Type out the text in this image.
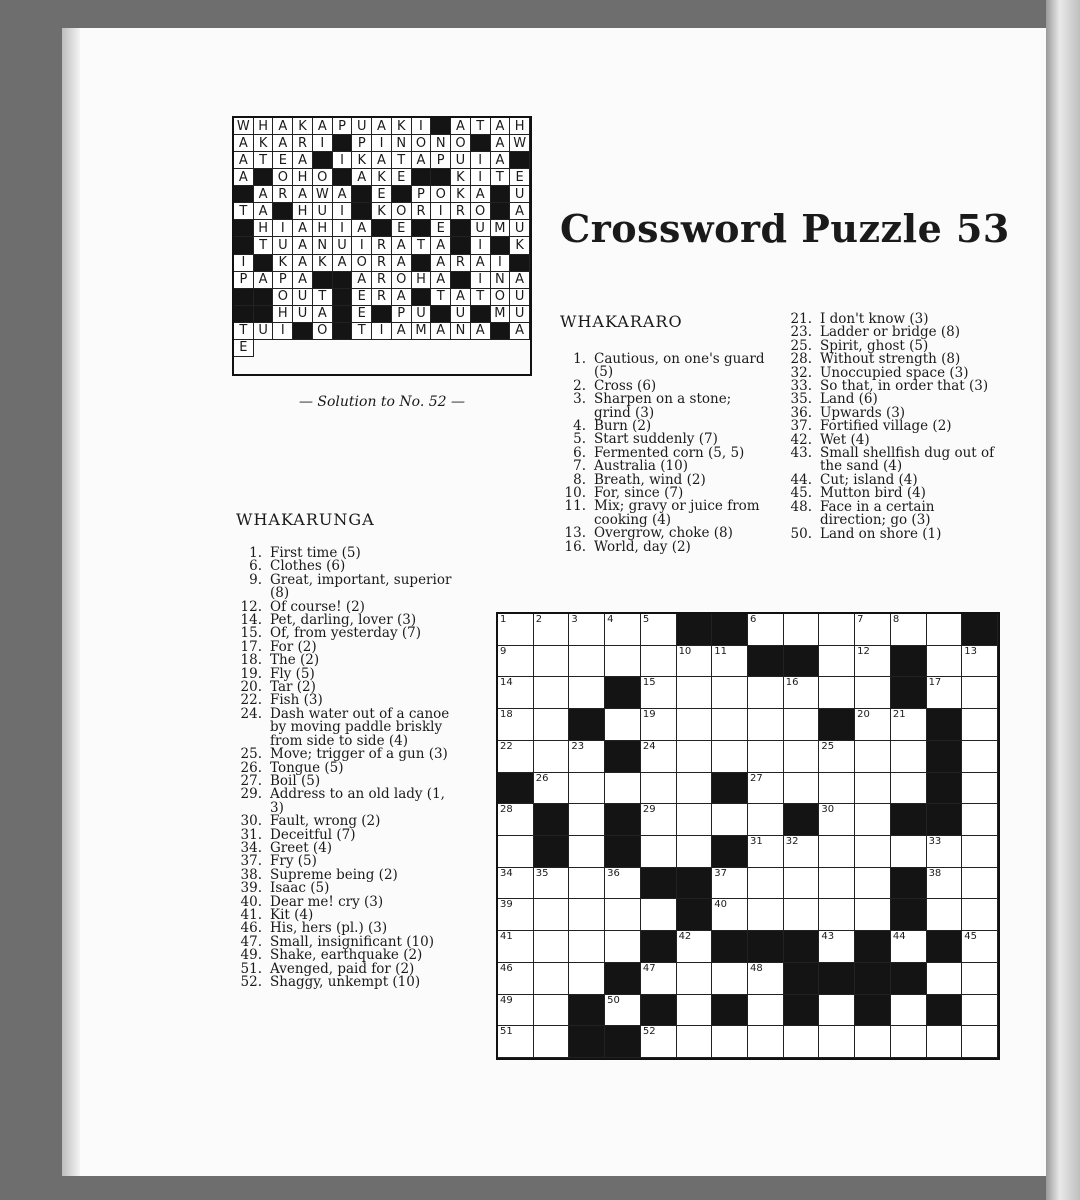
W H A K A P U A K	I	A T A H
A K A R	I	P	I N O N O	A W
A T E A	I	K A T A P U	I	A
A	O H O	A K E	K	I	T E
A R A W A	E	P O K A	U
T A	H U	I	K O R	I	R O	A
H I	A H I	A	E	E	U M U
T U A N U	I	R A T A	I	K
I	K A K A O R A	A R A	I
P A P A	A R O H A	I N A
O U T	E R A	T A T O U
H U A	E	P U	U	M U
T U	I	O	T	I	A M A N A	A
E
— Solution to No. 52 —
Crossword Puzzle 53
WHAKARARO
1. Cautious, on one's guard (5)
2. Cross (6)
3. Sharpen on a stone; grind (3)
4. Burn (2)
5. Start suddenly (7)
6. Fermented corn (5, 5)
7. Australia (10)
8. Breath, wind (2)
10. For, since (7)
11. Mix; gravy or juice from cooking (4)
13. Overgrow, choke (8)
16. World, day (2)
21. I don't know (3)
23. Ladder or bridge (8)
25. Spirit, ghost (5)
28. Without strength (8)
32. Unoccupied space (3)
33. So that, in order that (3)
35. Land (6)
36. Upwards (3)
37. Fortified village (2)
42. Wet (4)
43. Small shellfish dug out of the sand (4)
44. Cut; island (4)
45. Mutton bird (4)
48. Face in a certain direction; go (3)
50. Land on shore (1)
WHAKARUNGA
1. First time (5)
6. Clothes (6)
9. Great, important, superior (8)
12. Of course! (2)
14. Pet, darling, lover (3)
15. Of, from yesterday (7)
17. For (2)
18. The (2)
19. Fly (5)
20. Tar (2)
22. Fish (3)
24. Dash water out of a canoe by moving paddle briskly from side to side (4)
25. Move; trigger of a gun (3)
26. Tongue (5)
27. Boil (5)
29. Address to an old lady (1, 3)
30. Fault, wrong (2)
31. Deceitful (7)
34. Greet (4)
37. Fry (5)
38. Supreme being (2)
39. Isaac (5)
40. Dear me! cry (3)
41. Kit (4)
46. His, hers (pl.) (3)
47. Small, insignificant (10)
49. Shake, earthquake (2)
51. Avenged, paid for (2)
52. Shaggy, unkempt (10)
1	2	3	4	5	6	7	8
9	10 11	12	13
14	15	16	17
18	19	20 21
22	23	24	25
26	27
28	29	30
31 32	33
34 35	36	37	38
39	40
41	42	43	44	45
46	47	48
49	50
51	52
